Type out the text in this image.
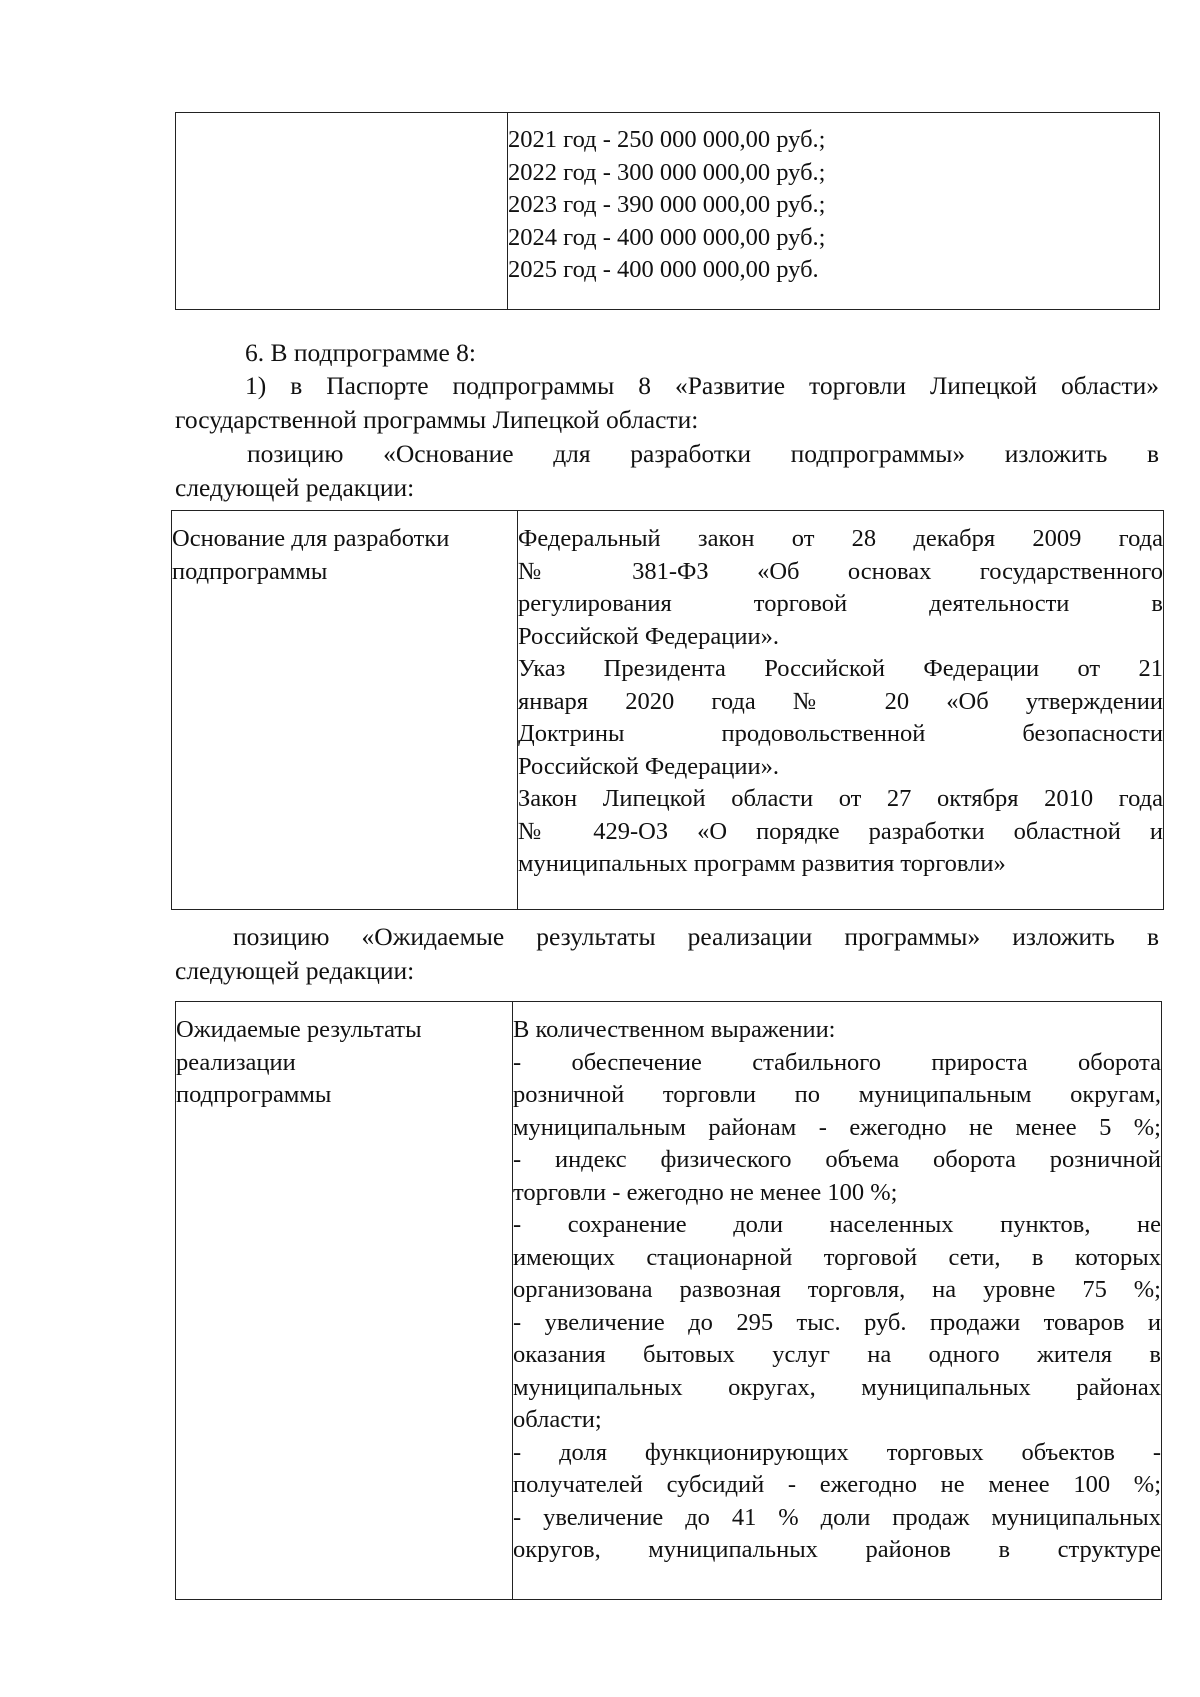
2021 год - 250 000 000,00 руб.;
2022 год - 300 000 000,00 руб.;
2023 год - 390 000 000,00 руб.;
2024 год - 400 000 000,00 руб.;
2025 год - 400 000 000,00 руб.

6. В подпрограмме 8:

1) в Паспорте подпрограммы 8 «Развитие торговли Липецкой области»
государственной программы Липецкой области:
позицию «Основание для разработки подпрограммы» изложить в
следующей редакции:
Основание для разработки подпрограммы	
Федеральный закон от 28 декабря 2009 года
№ 381-ФЗ «Об основах государственного
регулирования торговой деятельности в
Российской Федерации».
Указ Президента Российской Федерации от 21
января 2020 года № 20 «Об утверждении
Доктрины продовольственной безопасности
Российской Федерации».
Закон Липецкой области от 27 октября 2010 года
№ 429-ОЗ «О порядке разработки областной и
муниципальных программ развития торговли»
позицию «Ожидаемые результаты реализации программы» изложить в
следующей редакции:
Ожидаемые результаты
реализации
подпрограммы

В количественном выражении:
- обеспечение стабильного прироста оборота
розничной торговли по муниципальным округам,
муниципальным районам - ежегодно не менее 5 %;
- индекс физического объема оборота розничной
торговли - ежегодно не менее 100 %;
- сохранение доли населенных пунктов, не
имеющих стационарной торговой сети, в которых
организована развозная торговля, на уровне 75 %;
- увеличение до 295 тыс. руб. продажи товаров и
оказания бытовых услуг на одного жителя в
муниципальных округах, муниципальных районах
области;
- доля функционирующих торговых объектов -
получателей субсидий - ежегодно не менее 100 %;
- увеличение до 41 % доли продаж муниципальных
округов, муниципальных районов в структуре
